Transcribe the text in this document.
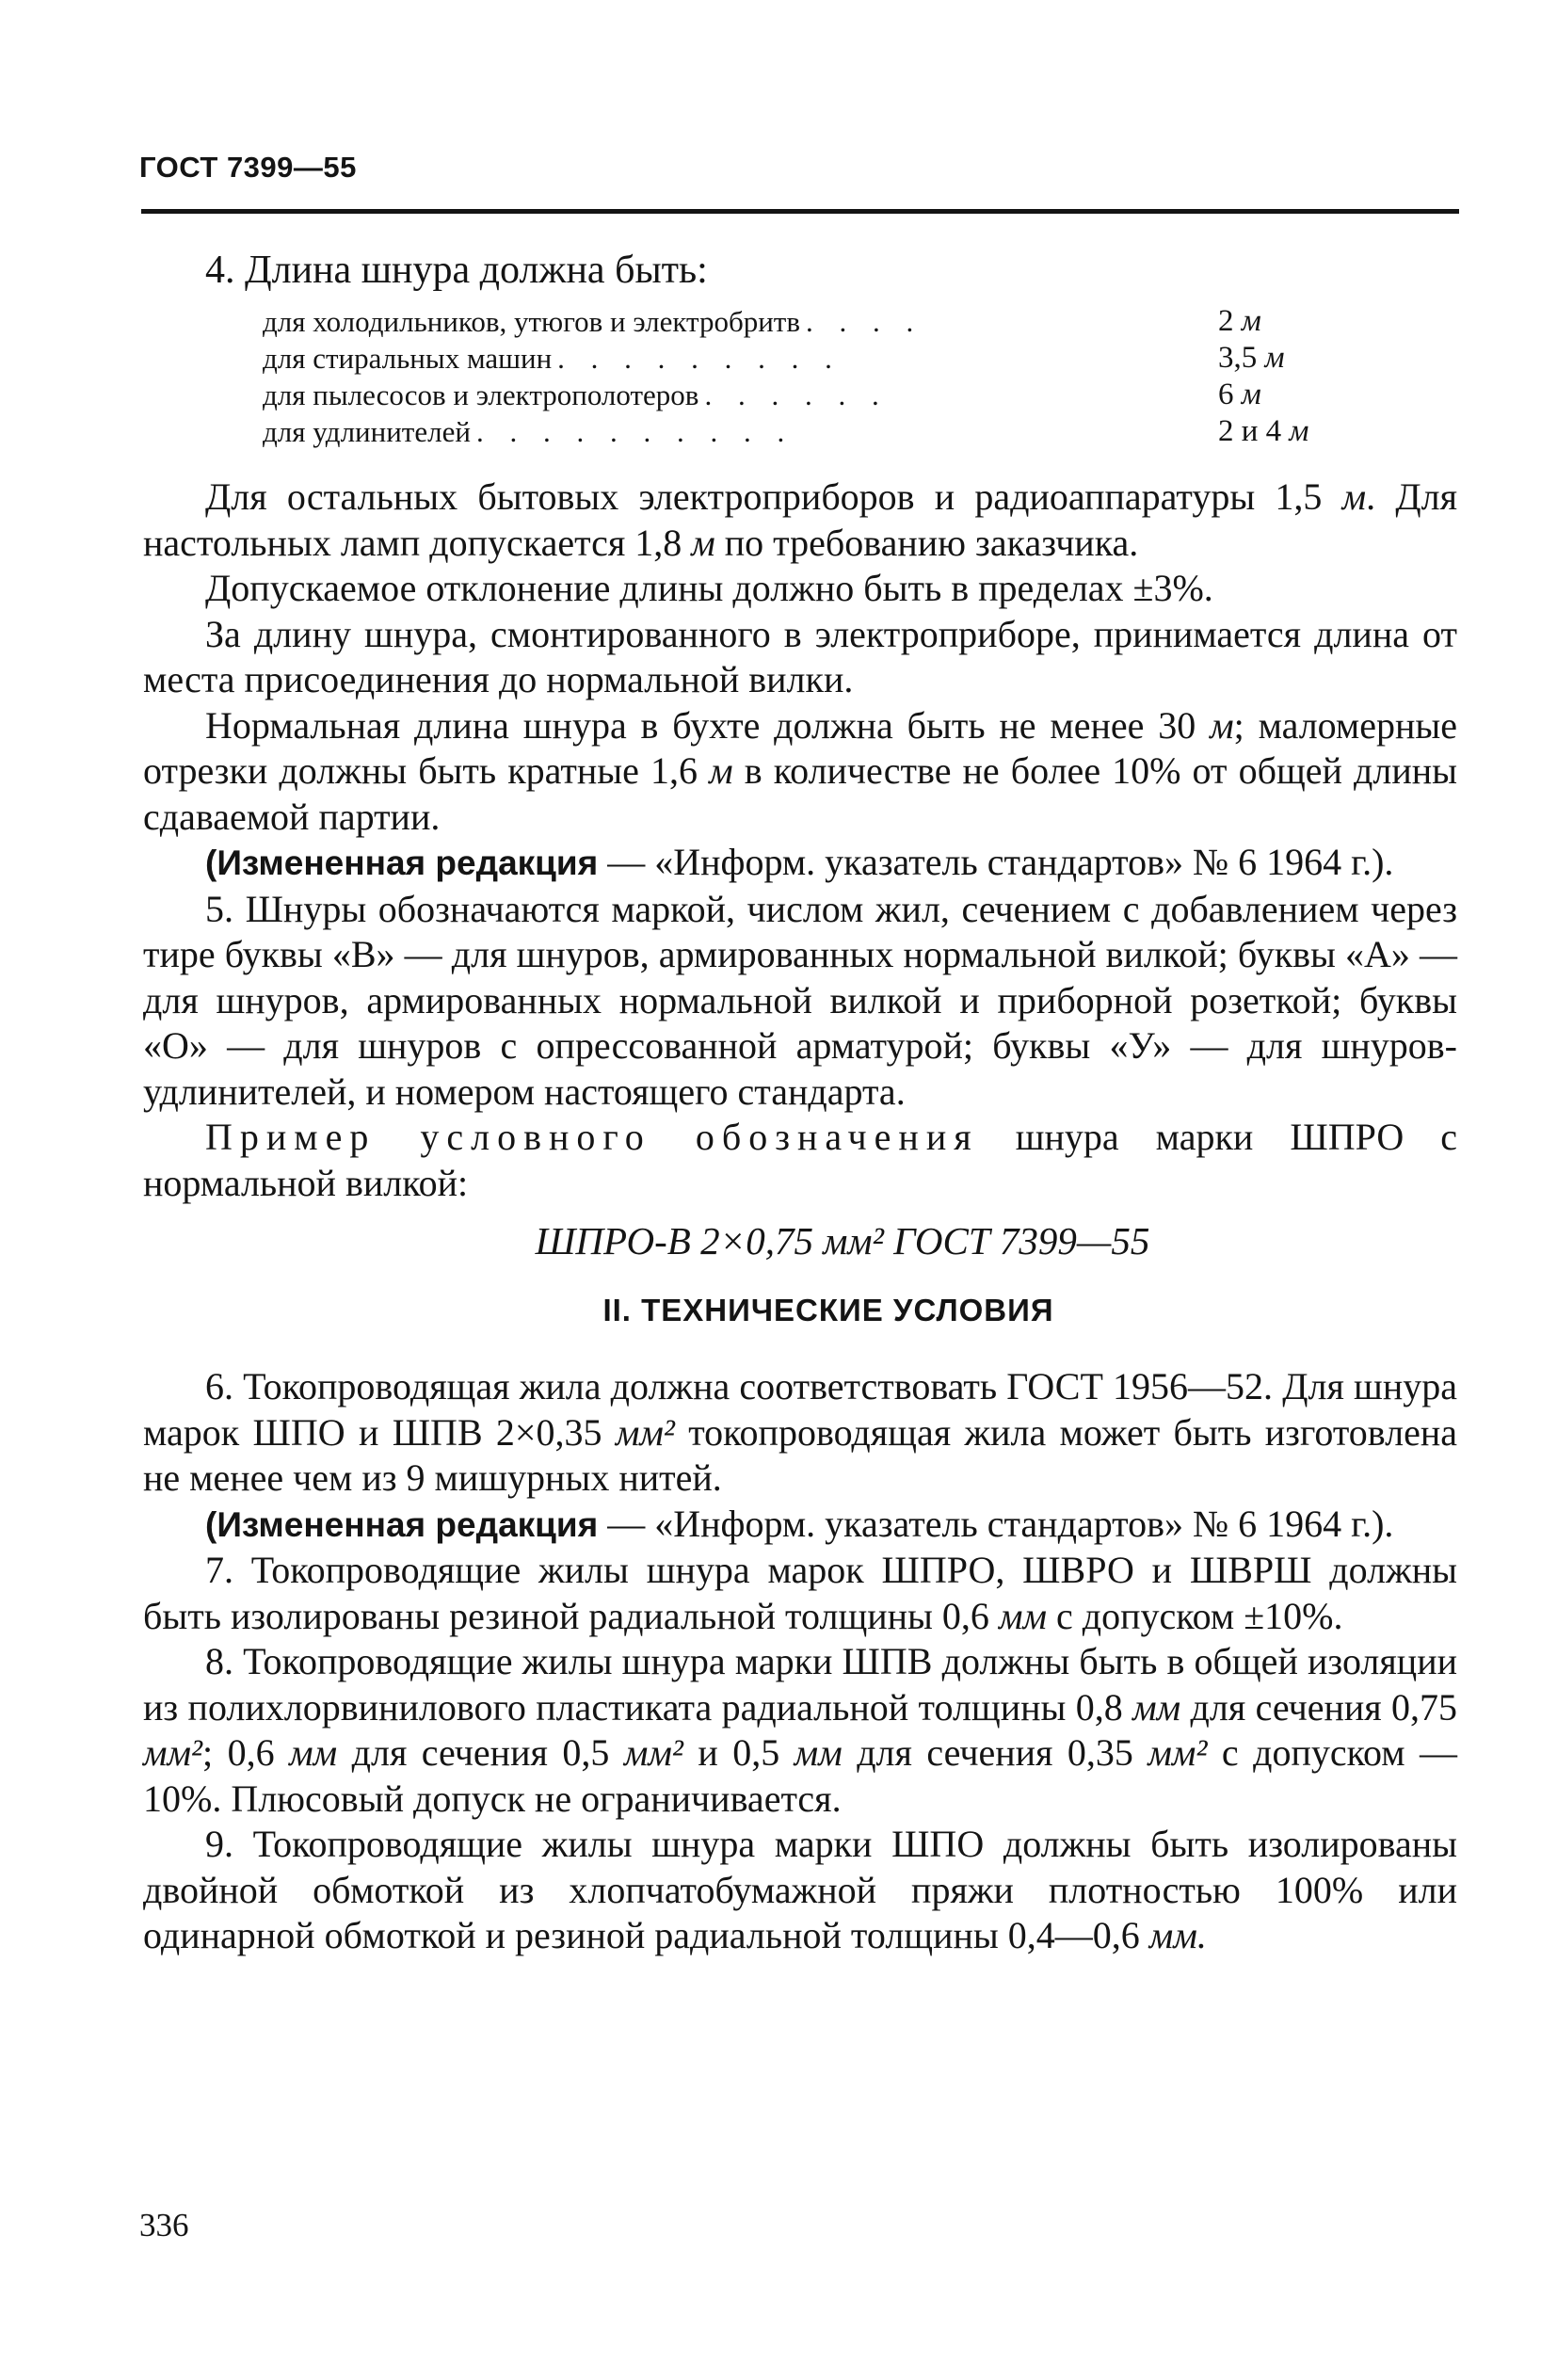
ГОСТ 7399—55

4. Длина шнура должна быть:

для холодильников, утюгов и электробритв . . . .	2 м
для стиральных машин . . . . . . . . .	3,5 м
для пылесосов и электрополотеров . . . . . .	6 м
для удлинителей . . . . . . . . . .	2 и 4 м

Для остальных бытовых электроприборов и радиоаппаратуры 1,5 м. Для настольных ламп допускается 1,8 м по требованию заказчика.

Допускаемое отклонение длины должно быть в пределах ±3%.

За длину шнура, смонтированного в электроприборе, принимается длина от места присоединения до нормальной вилки.

Нормальная длина шнура в бухте должна быть не менее 30 м; маломерные отрезки должны быть кратные 1,6 м в количестве не более 10% от общей длины сдаваемой партии.

(Измененная редакция — «Информ. указатель стандартов» № 6 1964 г.).

5. Шнуры обозначаются маркой, числом жил, сечением с добавлением через тире буквы «В» — для шнуров, армированных нормальной вилкой; буквы «А» — для шнуров, армированных нормальной вилкой и приборной розеткой; буквы «О» — для шнуров с опрессованной арматурой; буквы «У» — для шнуров-удлинителей, и номером настоящего стандарта.

Пример условного обозначения шнура марки ШПРО с нормальной вилкой:

ШПРО-В 2×0,75 мм² ГОСТ 7399—55
II. ТЕХНИЧЕСКИЕ УСЛОВИЯ

6. Токопроводящая жила должна соответствовать ГОСТ 1956—52. Для шнура марок ШПО и ШПВ 2×0,35 мм² токопроводящая жила может быть изготовлена не менее чем из 9 мишурных нитей.

(Измененная редакция — «Информ. указатель стандартов» № 6 1964 г.).

7. Токопроводящие жилы шнура марок ШПРО, ШВРО и ШВРШ должны быть изолированы резиной радиальной толщины 0,6 мм с допуском ±10%.

8. Токопроводящие жилы шнура марки ШПВ должны быть в общей изоляции из полихлорвинилового пластиката радиальной толщины 0,8 мм для сечения 0,75 мм²; 0,6 мм для сечения 0,5 мм² и 0,5 мм для сечения 0,35 мм² с допуском — 10%. Плюсовый допуск не ограничивается.

9. Токопроводящие жилы шнура марки ШПО должны быть изолированы двойной обмоткой из хлопчатобумажной пряжи плотностью 100% или одинарной обмоткой и резиной радиальной толщины 0,4—0,6 мм.

336
